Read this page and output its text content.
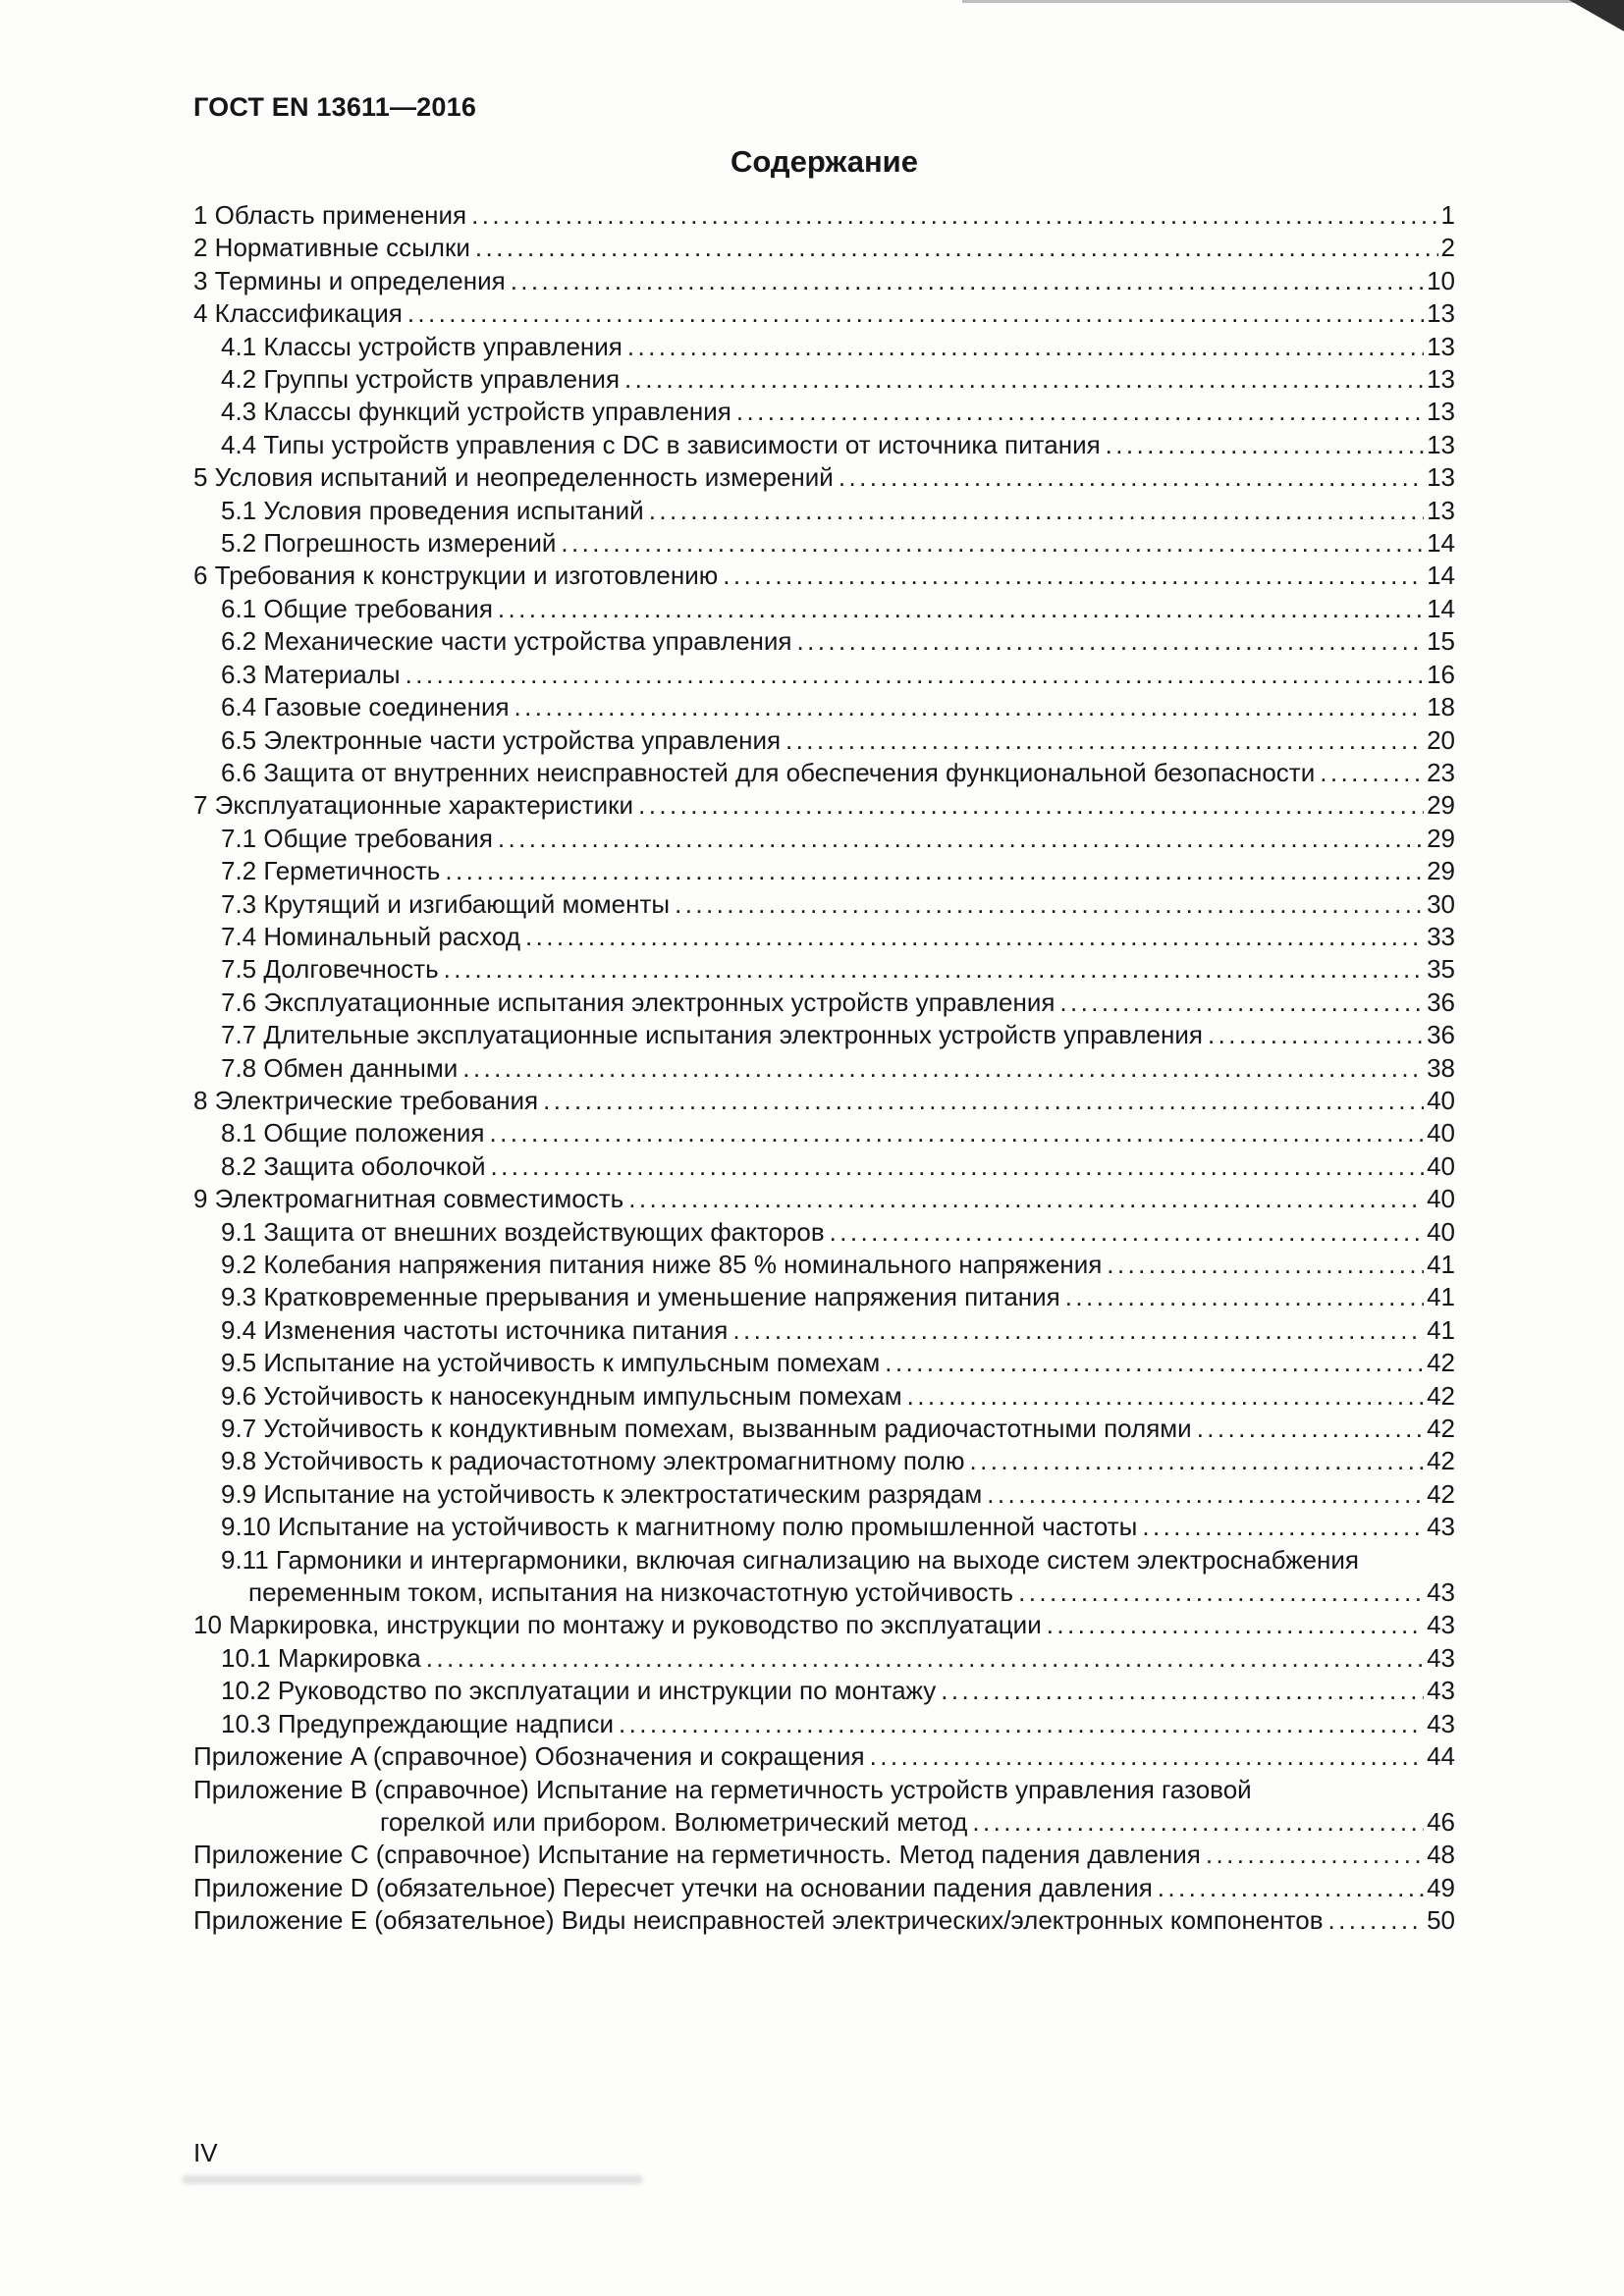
ГОСТ EN 13611—2016
Содержание
1 Область применения .....	1
2 Нормативные ссылки .....	2
3 Термины и определения .....	10
4 Классификация .....	13
4.1 Классы устройств управления .....	13
4.2 Группы устройств управления .....	13
4.3 Классы функций устройств управления .....	13
4.4 Типы устройств управления с DC в зависимости от источника питания .....	13
5 Условия испытаний и неопределенность измерений .....	13
5.1 Условия проведения испытаний .....	13
5.2 Погрешность измерений .....	14
6 Требования к конструкции и изготовлению .....	14
6.1 Общие требования .....	14
6.2 Механические части устройства управления .....	15
6.3 Материалы .....	16
6.4 Газовые соединения .....	18
6.5 Электронные части устройства управления .....	20
6.6 Защита от внутренних неисправностей для обеспечения функциональной безопасности .....	23
7 Эксплуатационные характеристики .....	29
7.1 Общие требования .....	29
7.2 Герметичность .....	29
7.3 Крутящий и изгибающий моменты .....	30
7.4 Номинальный расход .....	33
7.5 Долговечность .....	35
7.6 Эксплуатационные испытания электронных устройств управления .....	36
7.7 Длительные эксплуатационные испытания электронных устройств управления .....	36
7.8 Обмен данными .....	38
8 Электрические требования .....	40
8.1 Общие положения .....	40
8.2 Защита оболочкой .....	40
9 Электромагнитная совместимость .....	40
9.1 Защита от внешних воздействующих факторов .....	40
9.2 Колебания напряжения питания ниже 85 % номинального напряжения .....	41
9.3 Кратковременные прерывания и уменьшение напряжения питания .....	41
9.4 Изменения частоты источника питания .....	41
9.5 Испытание на устойчивость к импульсным помехам .....	42
9.6 Устойчивость к наносекундным импульсным помехам .....	42
9.7 Устойчивость к кондуктивным помехам, вызванным радиочастотными полями .....	42
9.8 Устойчивость к радиочастотному электромагнитному полю .....	42
9.9 Испытание на устойчивость к электростатическим разрядам .....	42
9.10 Испытание на устойчивость к магнитному полю промышленной частоты .....	43
9.11 Гармоники и интергармоники, включая сигнализацию на выходе систем электроснабжения
переменным током, испытания на низкочастотную устойчивость .....	43
10 Маркировка, инструкции по монтажу и руководство по эксплуатации .....	43
10.1 Маркировка .....	43
10.2 Руководство по эксплуатации и инструкции по монтажу .....	43
10.3 Предупреждающие надписи .....	43
Приложение A (справочное) Обозначения и сокращения .....	44
Приложение B (справочное) Испытание на герметичность устройств управления газовой
горелкой или прибором. Волюметрический метод .....	46
Приложение C (справочное) Испытание на герметичность. Метод падения давления .....	48
Приложение D (обязательное) Пересчет утечки на основании падения давления .....	49
Приложение E (обязательное) Виды неисправностей электрических/электронных компонентов .....	50
IV
